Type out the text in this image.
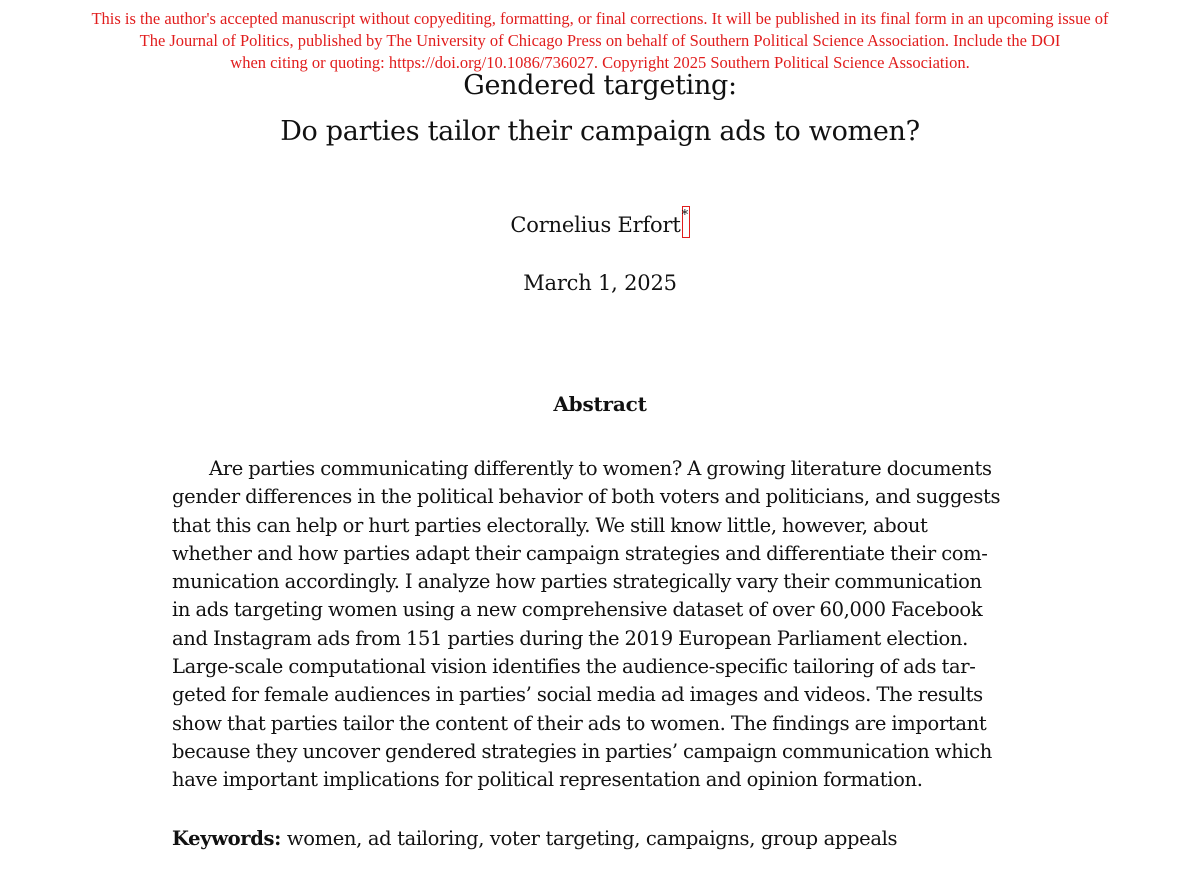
This is the author's accepted manuscript without copyediting, formatting, or final corrections. It will be published in its final form in an upcoming issue of
The Journal of Politics, published by The University of Chicago Press on behalf of Southern Political Science Association. Include the DOI
when citing or quoting: https://doi.org/10.1086/736027. Copyright 2025 Southern Political Science Association.
Gendered targeting:
Do parties tailor their campaign ads to women?
Cornelius Erfort *
March 1, 2025
Abstract
Are parties communicating differently to women? A growing literature documents
gender differences in the political behavior of both voters and politicians, and suggests
that this can help or hurt parties electorally. We still know little, however, about
whether and how parties adapt their campaign strategies and differentiate their com-
munication accordingly. I analyze how parties strategically vary their communication
in ads targeting women using a new comprehensive dataset of over 60,000 Facebook
and Instagram ads from 151 parties during the 2019 European Parliament election.
Large-scale computational vision identifies the audience-specific tailoring of ads tar-
geted for female audiences in parties’ social media ad images and videos. The results
show that parties tailor the content of their ads to women. The findings are important
because they uncover gendered strategies in parties’ campaign communication which
have important implications for political representation and opinion formation.
Keywords: women, ad tailoring, voter targeting, campaigns, group appeals
